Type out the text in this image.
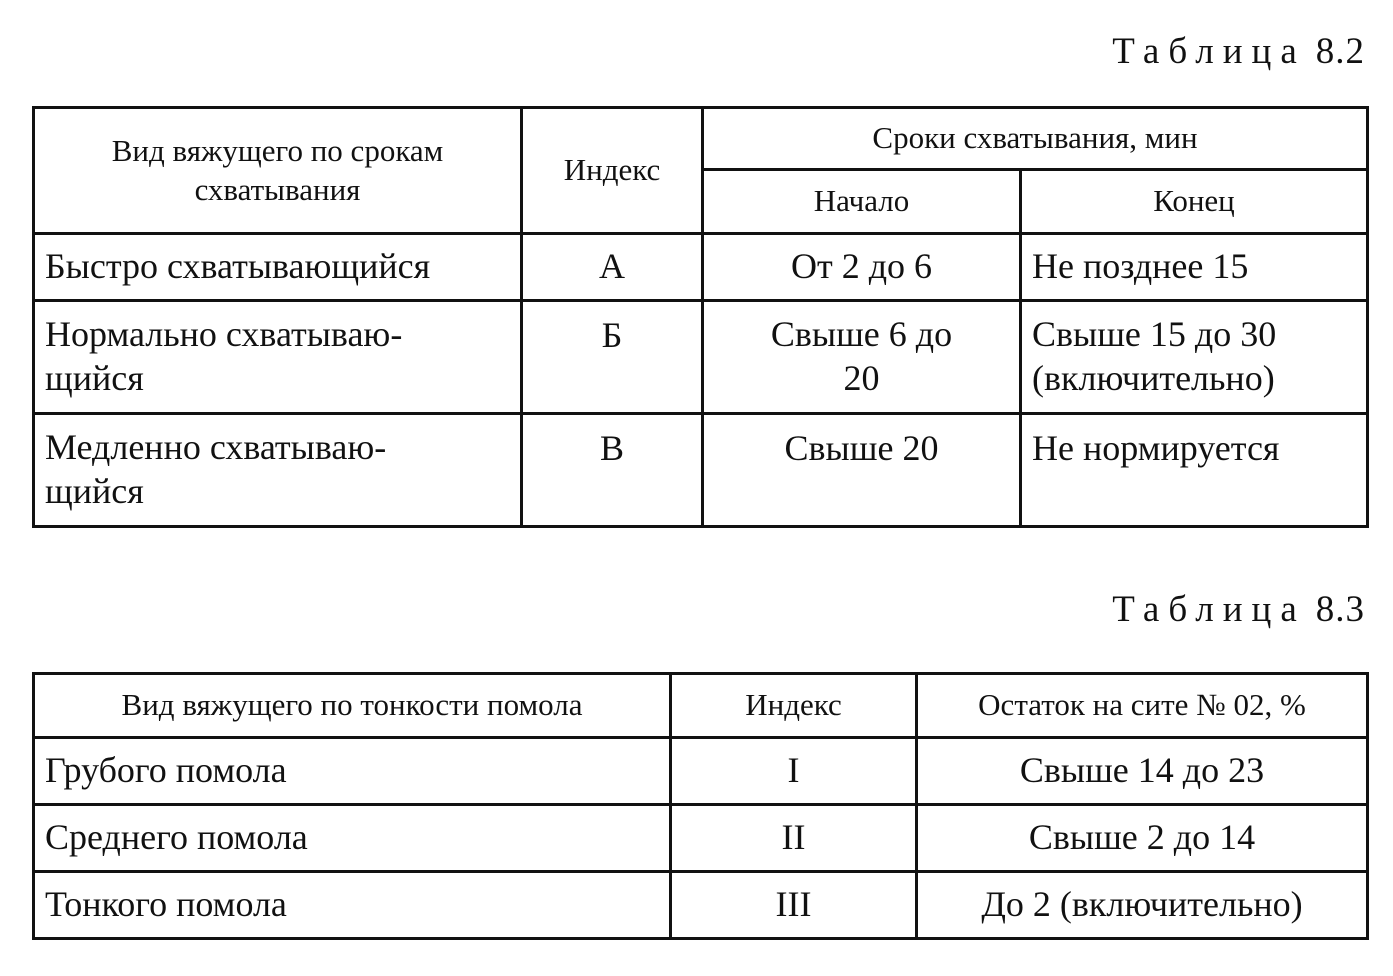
Таблица 8.2
Вид вяжущего по срокам схватывания	Индекс	Сроки схватывания, мин	
		Начало	Конец
Быстро схватывающийся	А	От 2 до 6	Не позднее 15
Нормально схватываю-щийся	Б	Свыше 6 до 20	Свыше 15 до 30 (включительно)
Медленно схватываю-щийся	В	Свыше 20	Не нормируется
Таблица 8.3
Вид вяжущего по тонкости помола	Индекс	Остаток на сите № 02, %
Грубого помола	I	Свыше 14 до 23
Среднего помола	II	Свыше 2 до 14
Тонкого помола	III	До 2 (включительно)
